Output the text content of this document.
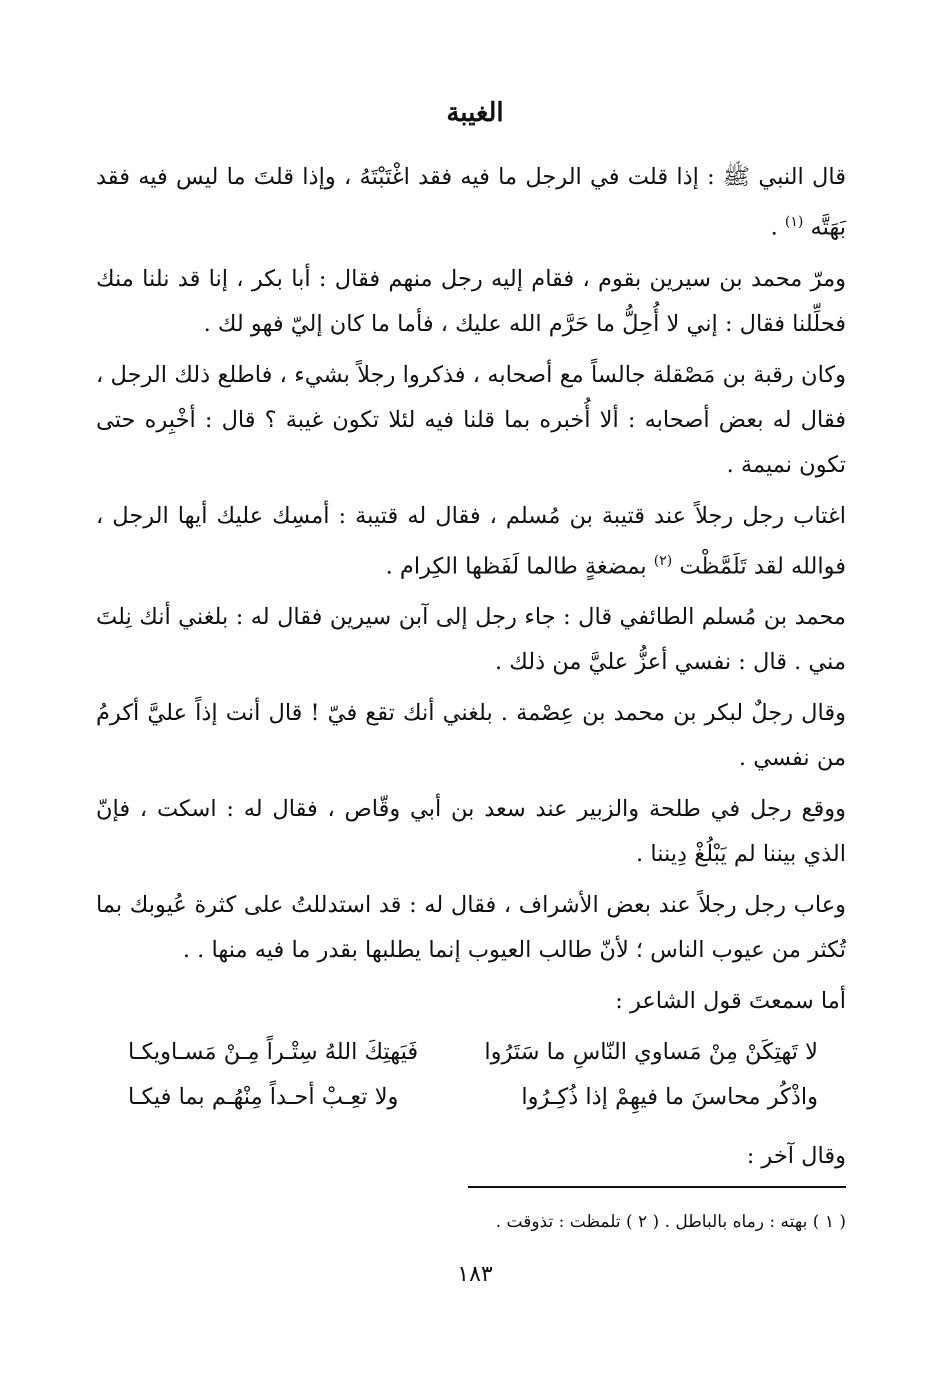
الغيبة

قال النبي ﷺ : إذا قلت في الرجل ما فيه فقد اغْتَبْتَهُ ، وإذا قلتَ ما ليس فيه فقد بَهَتَّه $^{(١)}$ .

ومرّ محمد بن سيرين بقوم ، فقام إليه رجل منهم فقال : أبا بكر ، إنا قد نلنا منك فحلِّلنا فقال : إني لا أُحِلُّ ما حَرَّم الله عليك ، فأما ما كان إليّ فهو لك .

وكان رقبة بن مَصْقلة جالساً مع أصحابه ، فذكروا رجلاً بشيء ، فاطلع ذلك الرجل ، فقال له بعض أصحابه : ألا أُخبره بما قلنا فيه لئلا تكون غيبة ؟ قال : أخْبِره حتى تكون نميمة .

اغتاب رجل رجلاً عند قتيبة بن مُسلم ، فقال له قتيبة : أمسِك عليك أيها الرجل ، فوالله لقد تَلَمَّظْت $^{(٢)}$ بمضغةٍ طالما لَفَظها الكِرام .

محمد بن مُسلم الطائفي قال : جاء رجل إلى آبن سيرين فقال له : بلغني أنك نِلتَ مني . قال : نفسي أعزُّ عليَّ من ذلك .

وقال رجلٌ لبكر بن محمد بن عِصْمة . بلغني أنك تقع فيّ ! قال أنت إذاً عليَّ أكرمُ من نفسي .

ووقع رجل في طلحة والزبير عند سعد بن أبي وقّاص ، فقال له : اسكت ، فإنّ الذي بيننا لم يَبْلُغْ دِيننا .

وعاب رجل رجلاً عند بعض الأشراف ، فقال له : قد استدللتُ على كثرة عُيوبك بما تُكثر من عيوب الناس ؛ لأنّ طالب العيوب إنما يطلبها بقدر ما فيه منها . .

أما سمعتَ قول الشاعر :

لا تَهتِكَنْ مِنْ مَساوي النّاسِ ما سَتَرُوا
فَيَهتِكَ اللهُ سِتْـراً مِـنْ مَسـاويكـا
واذْكُر محاسنَ ما فيهِمْ إذا ذُكِـرُوا
ولا تعِـبْ أحـداً مِنْهُـم بما فيكـا

وقال آخر :

( ١ ) بهته : رماه بالباطل . ( ٢ ) تلمظت : تذوقت .
١٨٣
